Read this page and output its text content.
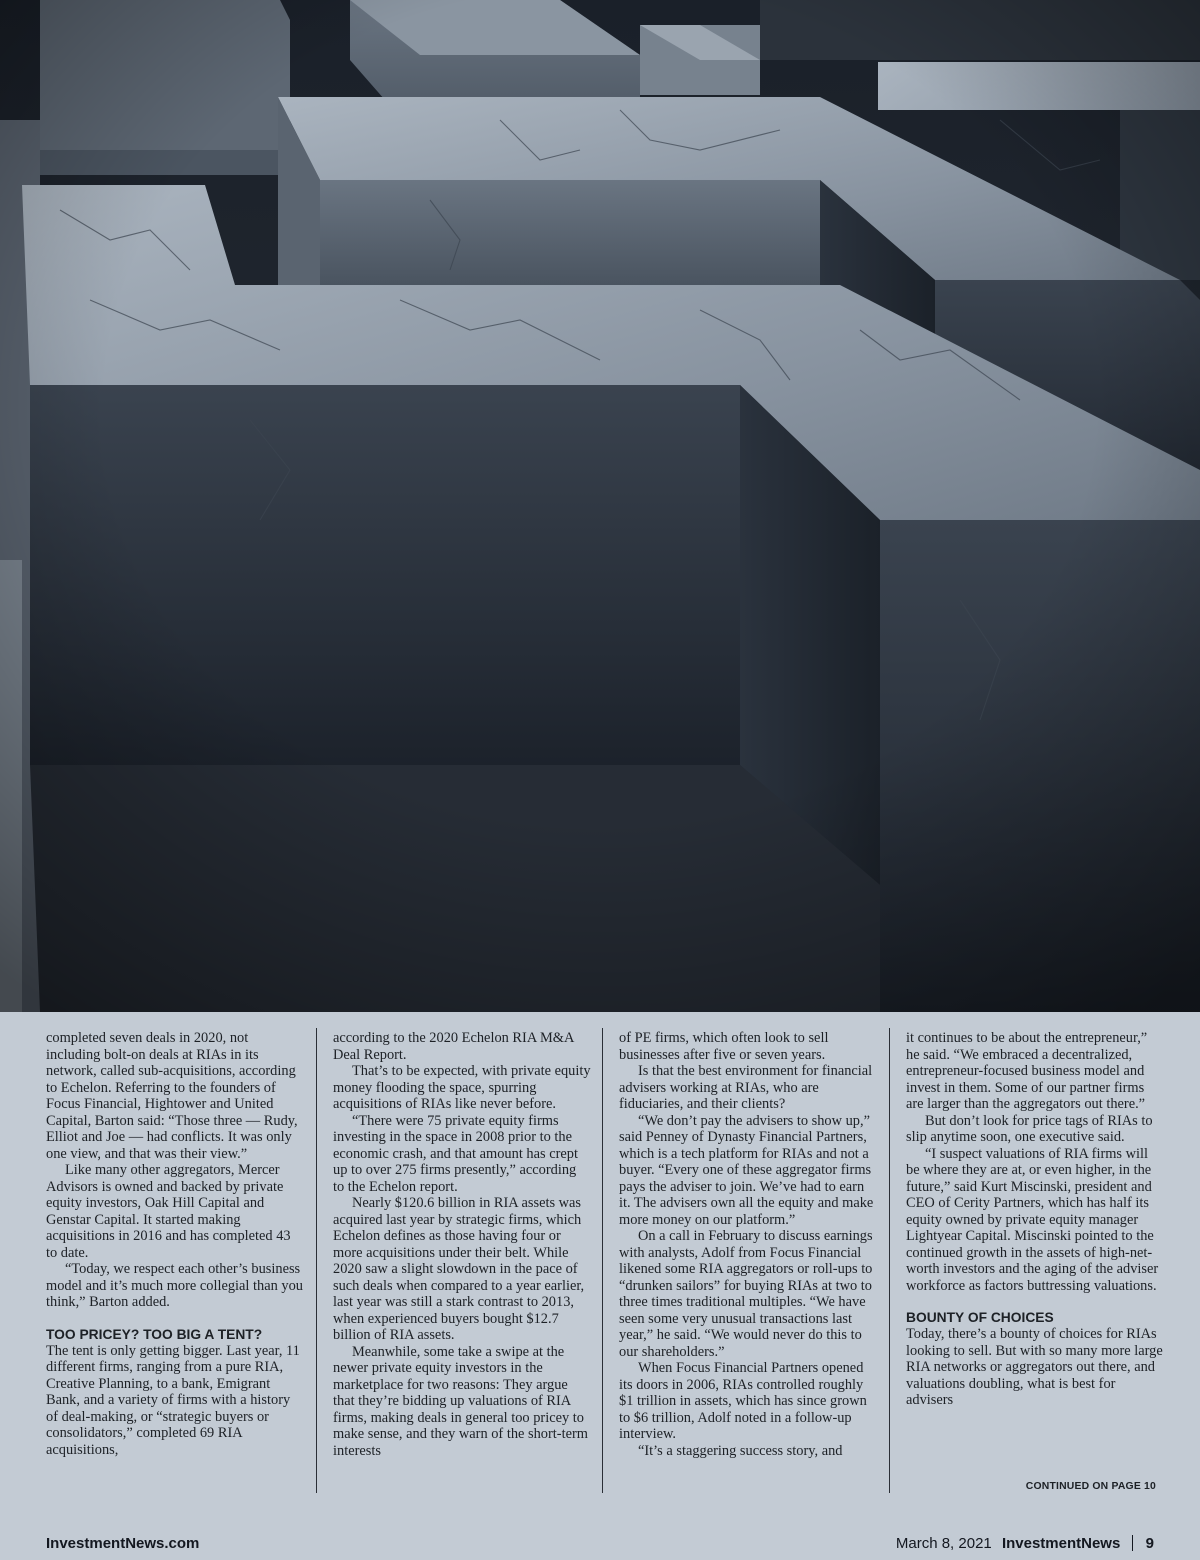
completed seven deals in 2020, not including bolt-on deals at RIAs in its network, called sub-acquisitions, according to Echelon. Referring to the founders of Focus Financial, Hightower and United Capital, Barton said: “Those three — Rudy, Elliot and Joe — had conflicts. It was only one view, and that was their view.”

Like many other aggregators, Mercer Advisors is owned and backed by private equity investors, Oak Hill Capital and Genstar Capital. It started making acquisitions in 2016 and has completed 43 to date.

“Today, we respect each other’s business model and it’s much more collegial than you think,” Barton added.

TOO PRICEY? TOO BIG A TENT?

The tent is only getting bigger. Last year, 11 different firms, ranging from a pure RIA, Creative Planning, to a bank, Emigrant Bank, and a variety of firms with a history of deal-making, or “strategic buyers or consolidators,” completed 69 RIA acquisitions,

according to the 2020 Echelon RIA M&A Deal Report.

That’s to be expected, with private equity money flooding the space, spurring acquisitions of RIAs like never before.

“There were 75 private equity firms investing in the space in 2008 prior to the economic crash, and that amount has crept up to over 275 firms presently,” according to the Echelon report.

Nearly $120.6 billion in RIA assets was acquired last year by strategic firms, which Echelon defines as those having four or more acquisitions under their belt. While 2020 saw a slight slowdown in the pace of such deals when compared to a year earlier, last year was still a stark contrast to 2013, when experienced buyers bought $12.7 billion of RIA assets.

Meanwhile, some take a swipe at the newer private equity investors in the marketplace for two reasons: They argue that they’re bidding up valuations of RIA firms, making deals in general too pricey to make sense, and they warn of the short-term interests

of PE firms, which often look to sell businesses after five or seven years.

Is that the best environment for financial advisers working at RIAs, who are fiduciaries, and their clients?

“We don’t pay the advisers to show up,” said Penney of Dynasty Financial Partners, which is a tech platform for RIAs and not a buyer. “Every one of these aggregator firms pays the adviser to join. We’ve had to earn it. The advisers own all the equity and make more money on our platform.”

On a call in February to discuss earnings with analysts, Adolf from Focus Financial likened some RIA aggregators or roll-ups to “drunken sailors” for buying RIAs at two to three times traditional multiples. “We have seen some very unusual transactions last year,” he said. “We would never do this to our shareholders.”

When Focus Financial Partners opened its doors in 2006, RIAs controlled roughly $1 trillion in assets, which has since grown to $6 trillion, Adolf noted in a follow-up interview.

“It’s a staggering success story, and

it continues to be about the entrepreneur,” he said. “We embraced a decentralized, entrepreneur-focused business model and invest in them. Some of our partner firms are larger than the aggregators out there.”

But don’t look for price tags of RIAs to slip anytime soon, one executive said.

“I suspect valuations of RIA firms will be where they are at, or even higher, in the future,” said Kurt Miscinski, president and CEO of Cerity Partners, which has half its equity owned by private equity manager Lightyear Capital. Miscinski pointed to the continued growth in the assets of high-net-worth investors and the aging of the adviser workforce as factors buttressing valuations.

BOUNTY OF CHOICES

Today, there’s a bounty of choices for RIAs looking to sell. But with so many more large RIA networks or aggregators out there, and valuations doubling, what is best for advisers

CONTINUED ON PAGE 10
InvestmentNews.com	March 8, 2021 InvestmentNews 9
